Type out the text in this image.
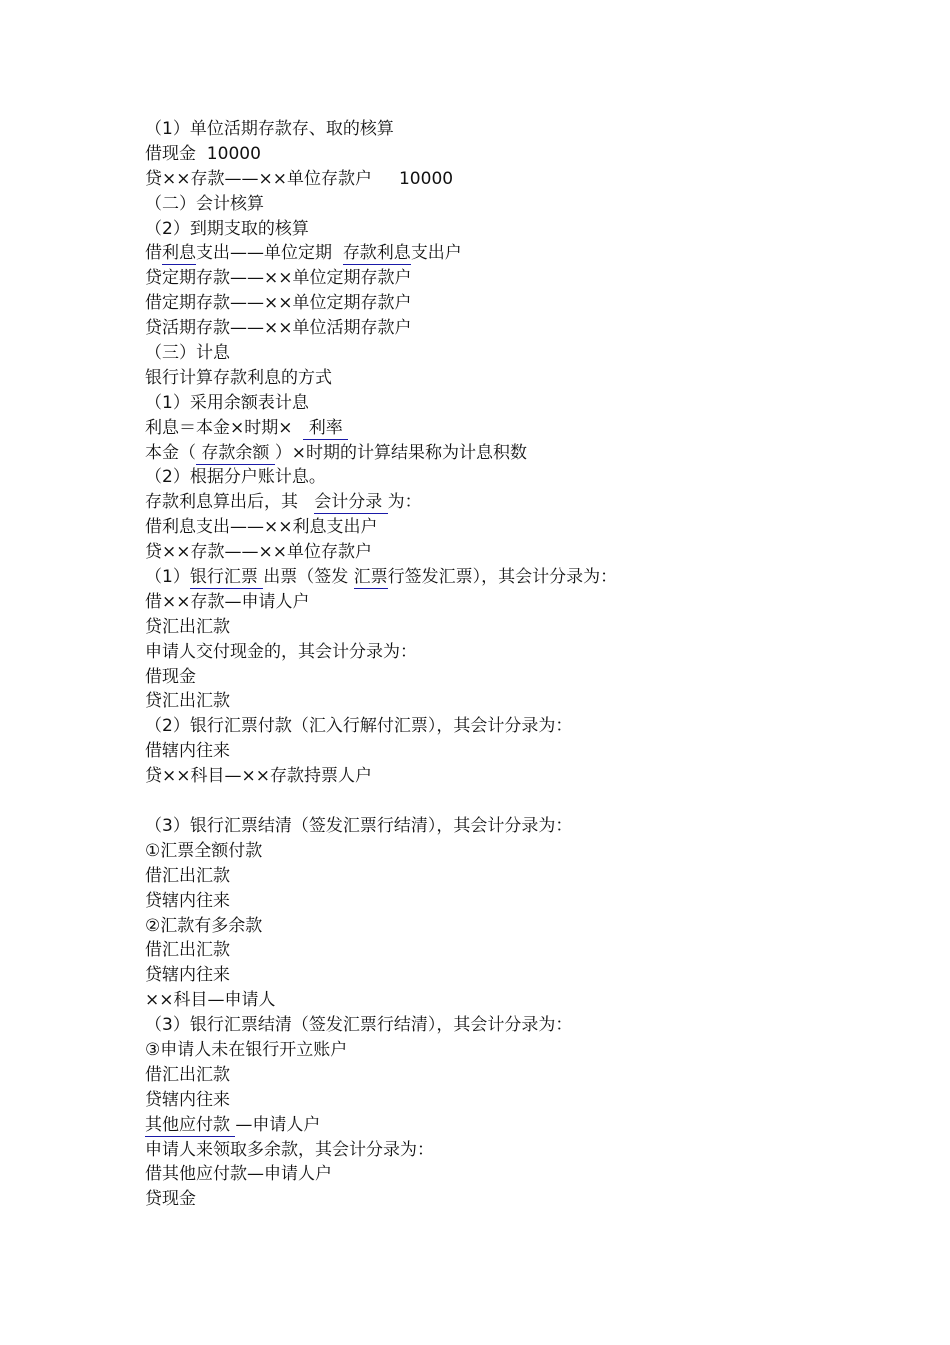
（1）单位活期存款存、取的核算
借现金  10000
贷××存款——××单位存款户     10000
（二）会计核算
（2）到期支取的核算
借利息支出——单位定期  存款利息支出户
贷定期存款——××单位定期存款户
借定期存款——××单位定期存款户
贷活期存款——××单位活期存款户
（三）计息
银行计算存款利息的方式
（1）采用余额表计息
利息＝本金×时期×   利率
本金（ 存款余额 ）×时期的计算结果称为计息积数
（2）根据分户账计息。
存款利息算出后，其   会计分录 为：
借利息支出——××利息支出户
贷××存款——××单位存款户
（1）银行汇票 出票（签发 汇票行签发汇票），其会计分录为：
借××存款—申请人户
贷汇出汇款
申请人交付现金的，其会计分录为：
借现金
贷汇出汇款
（2）银行汇票付款（汇入行解付汇票），其会计分录为：
借辖内往来
贷××科目—××存款持票人户
（3）银行汇票结清（签发汇票行结清），其会计分录为：
①汇票全额付款
借汇出汇款
贷辖内往来
②汇款有多余款
借汇出汇款
贷辖内往来
××科目—申请人
（3）银行汇票结清（签发汇票行结清），其会计分录为：
③申请人未在银行开立账户
借汇出汇款
贷辖内往来
其他应付款 —申请人户
申请人来领取多余款，其会计分录为：
借其他应付款—申请人户
贷现金
